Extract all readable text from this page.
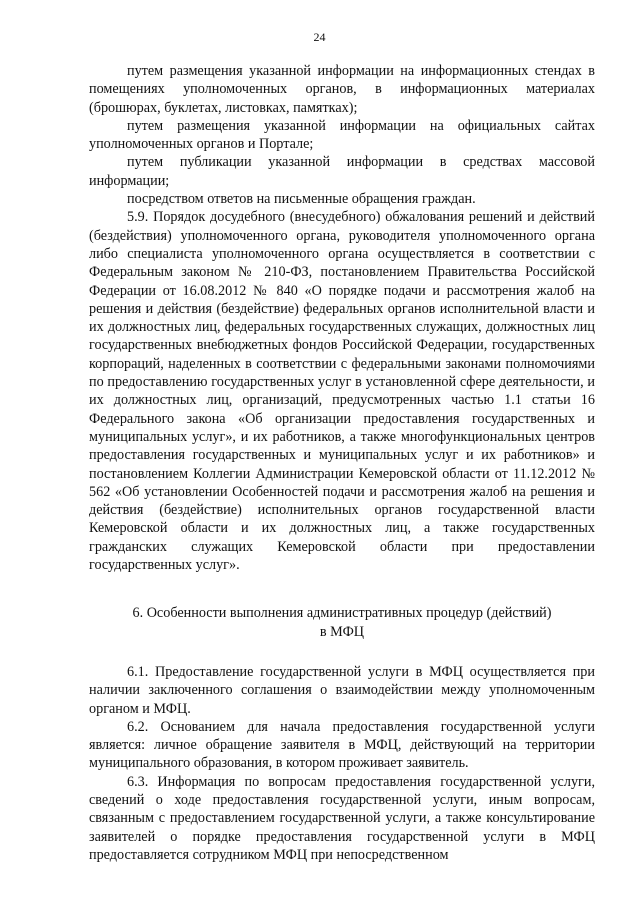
24

путем размещения указанной информации на информационных стендах в помещениях уполномоченных органов, в информационных материалах (брошюрах, буклетах, листовках, памятках);

путем размещения указанной информации на официальных сайтах уполномоченных органов и Портале;

путем публикации указанной информации в средствах массовой информации;

посредством ответов на письменные обращения граждан.

5.9. Порядок досудебного (внесудебного) обжалования решений и действий (бездействия) уполномоченного органа, руководителя уполномоченного органа либо специалиста уполномоченного органа осуществляется в соответствии с Федеральным законом № 210-ФЗ, постановлением Правительства Российской Федерации от 16.08.2012 № 840 «О порядке подачи и рассмотрения жалоб на решения и действия (бездействие) федеральных органов исполнительной власти и их должностных лиц, федеральных государственных служащих, должностных лиц государственных внебюджетных фондов Российской Федерации, государственных корпораций, наделенных в соответствии с федеральными законами полномочиями по предоставлению государственных услуг в установленной сфере деятельности, и их должностных лиц, организаций, предусмотренных частью 1.1 статьи 16 Федерального закона «Об организации предоставления государственных и муниципальных услуг», и их работников, а также многофункциональных центров предоставления государственных и муниципальных услуг и их работников» и постановлением Коллегии Администрации Кемеровской области от 11.12.2012 № 562 «Об установлении Особенностей подачи и рассмотрения жалоб на решения и действия (бездействие) исполнительных органов государственной власти Кемеровской области и их должностных лиц, а также государственных гражданских служащих Кемеровской области при предоставлении государственных услуг».

6. Особенности выполнения административных процедур (действий)
в МФЦ

6.1. Предоставление государственной услуги в МФЦ осуществляется при наличии заключенного соглашения о взаимодействии между уполномоченным органом и МФЦ.

6.2. Основанием для начала предоставления государственной услуги является: личное обращение заявителя в МФЦ, действующий на территории муниципального образования, в котором проживает заявитель.

6.3. Информация по вопросам предоставления государственной услуги, сведений о ходе предоставления государственной услуги, иным вопросам, связанным с предоставлением государственной услуги, а также консультирование заявителей о порядке предоставления государственной услуги в МФЦ предоставляется сотрудником МФЦ при непосредственном
